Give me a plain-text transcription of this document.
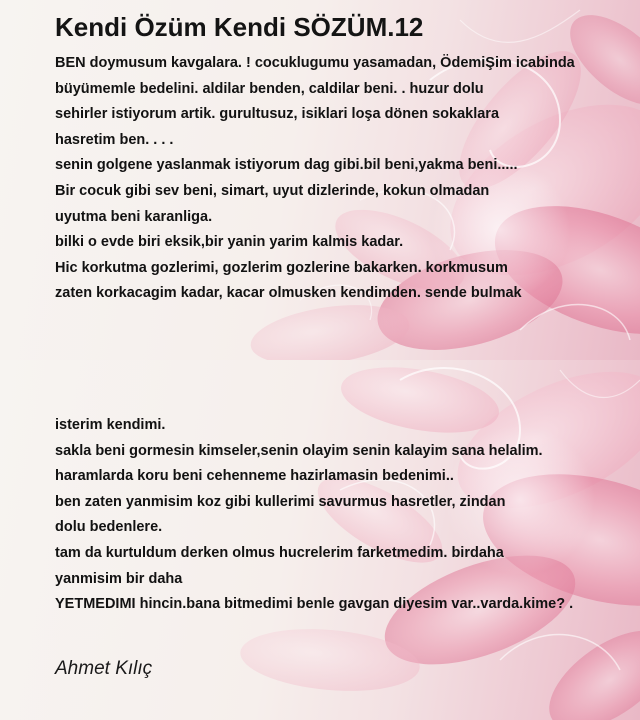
Kendi Özüm Kendi SÖZÜM.12
BEN doymusum kavgalara. ! cocuklugumu yasamadan, ÖdemiŞim icabinda
büyümemle bedelini. aldilar benden, caldilar beni. . huzur dolu
sehirler istiyorum artik. gurultusuz, isiklari loşa dönen sokaklara
hasretim ben. . . .
senin golgene yaslanmak istiyorum dag gibi.bil beni,yakma beni.....
Bir cocuk gibi sev beni, simart, uyut dizlerinde, kokun olmadan
uyutma beni karanliga.
bilki o evde biri eksik,bir yanin yarim kalmis kadar.
Hic korkutma gozlerimi, gozlerim gozlerine bakarken. korkmusum
zaten korkacagim kadar, kacar olmusken kendimden. sende bulmak
isterim kendimi.
sakla beni gormesin kimseler,senin olayim senin kalayim sana helalim.
haramlarda koru beni cehenneme hazirlamasin bedenimi..
ben zaten yanmisim koz gibi kullerimi savurmus hasretler, zindan
dolu bedenlere.
tam da kurtuldum derken olmus hucrelerim farketmedim. birdaha
yanmisim bir daha
YETMEDIMI hincin.bana bitmedimi benle gavgan diyesim var..varda.kime? .
Ahmet Kılıç
